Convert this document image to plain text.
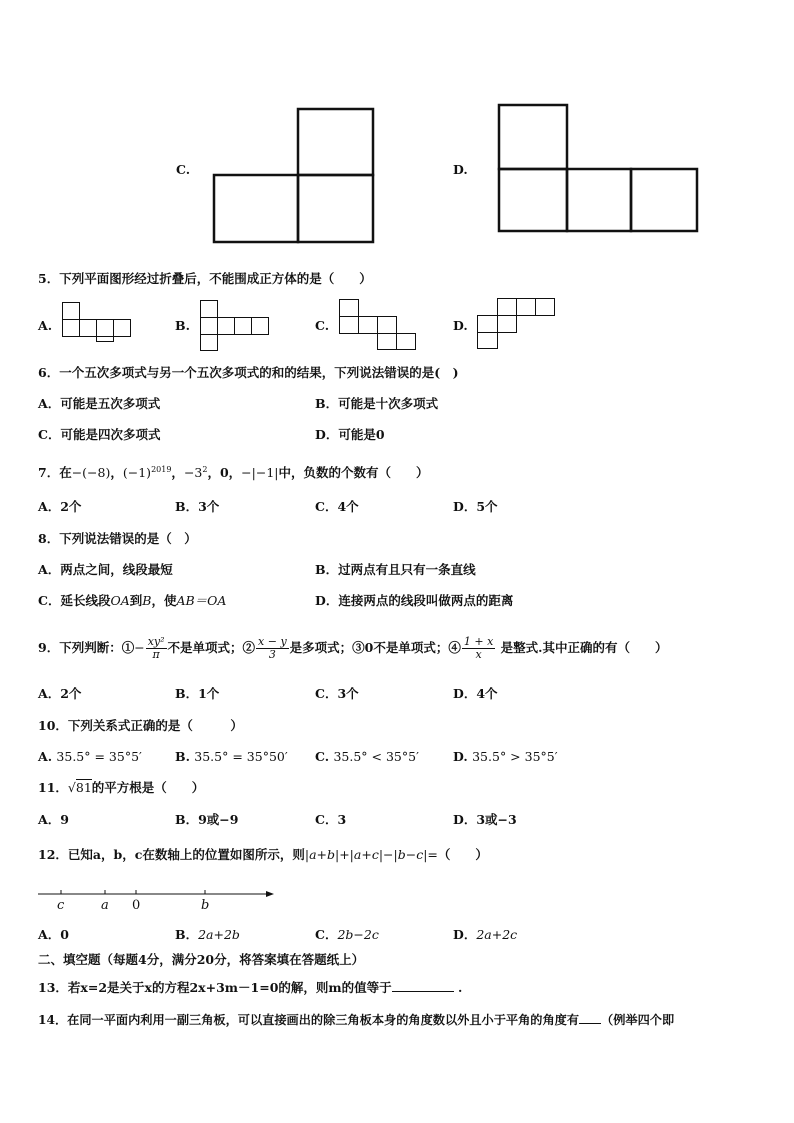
C.	D.
5．下列平面图形经过折叠后，不能围成正方体的是（　　）
A.	B.	C.	D.
6．一个五次多项式与另一个五次多项式的和的结果，下列说法错误的是(　)
A．可能是五次多项式	B．可能是十次多项式
C．可能是四次多项式	D．可能是0
7．在−(−8)，$(-1)^{2019}$，$-3^2$，0，−|−1|中，负数的个数有（　　）
A．2个	B．3个	C．4个	D．5个
8．下列说法错误的是（　）
A．两点之间，线段最短	B．过两点有且只有一条直线
C．延长线段OA到B，使AB＝OA	D．连接两点的线段叫做两点的距离
9．下列判断：①− $\frac{\text{xy²}}{\pi}$ 不是单项式；② $\frac{x - y}{3}$ 是多项式；③0不是单项式；④ $\frac{1 + x}{x}$ 是整式.其中正确的有（　　）
A．2个	B．1个	C．3个	D．4个
10．下列关系式正确的是（　　　）
A. 35.5° = 35°5′	B. 35.5° = 35°50′ C. 35.5° < 35°5′	D. 35.5° > 35°5′
11．√81的平方根是（　　）
A．9	B．9或−9	C．3	D．3或−3
12．已知a，b，c在数轴上的位置如图所示，则|a+b|+|a+c|−|b−c|=（　　）
c	a 0	b
A．0	B．2a+2b	C．2b−2c	D．2a+2c
二、填空题（每题4分，满分20分，将答案填在答题纸上）
13．若x=2是关于x的方程2x+3m－1=0的解，则m的值等于	.
14．在同一平面内利用一副三角板，可以直接画出的除三角板本身的角度数以外且小于平角的角度有 （例举四个即
